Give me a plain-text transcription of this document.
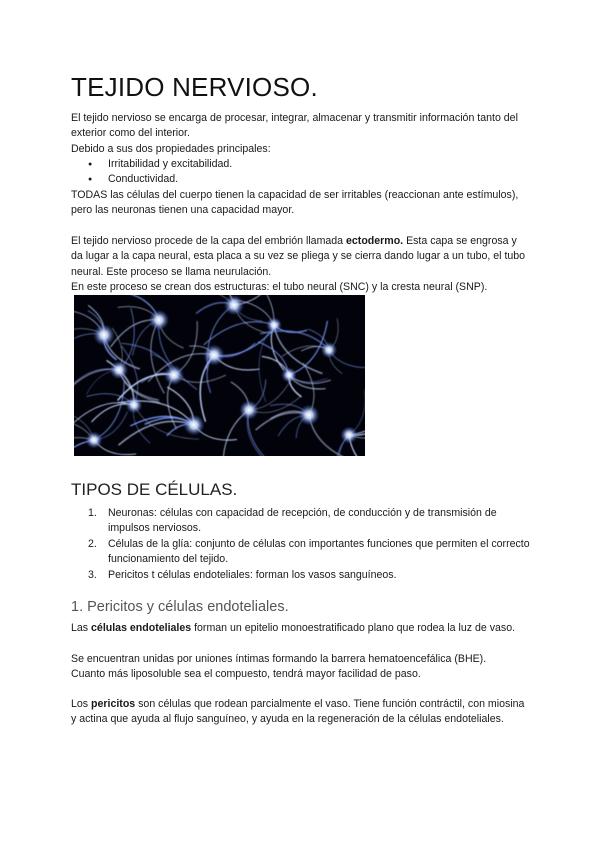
TEJIDO NERVIOSO.

El tejido nervioso se encarga de procesar, integrar, almacenar y transmitir información tanto del exterior como del interior.

Debido a sus dos propiedades principales:

● Irritabilidad y excitabilidad.
● Conductividad.

TODAS las células del cuerpo tienen la capacidad de ser irritables (reaccionan ante estímulos), pero las neuronas tienen una capacidad mayor.

El tejido nervioso procede de la capa del embrión llamada ectodermo. Esta capa se engrosa y da lugar a la capa neural, esta placa a su vez se pliega y se cierra dando lugar a un tubo, el tubo neural. Este proceso se llama neurulación.

En este proceso se crean dos estructuras: el tubo neural (SNC) y la cresta neural (SNP).

TIPOS DE CÉLULAS.
1. Neuronas: células con capacidad de recepción, de conducción y de transmisión de impulsos nerviosos.
2. Células de la glía: conjunto de células con importantes funciones que permiten el correcto funcionamiento del tejido.
3. Pericitos t células endoteliales: forman los vasos sanguíneos.
1. Pericitos y células endoteliales.

Las células endoteliales forman un epitelio monoestratificado plano que rodea la luz de vaso.

Se encuentran unidas por uniones íntimas formando la barrera hematoencefálica (BHE).

Cuanto más liposoluble sea el compuesto, tendrá mayor facilidad de paso.

Los pericitos son células que rodean parcialmente el vaso. Tiene función contráctil, con miosina y actina que ayuda al flujo sanguíneo, y ayuda en la regeneración de la células endoteliales.
